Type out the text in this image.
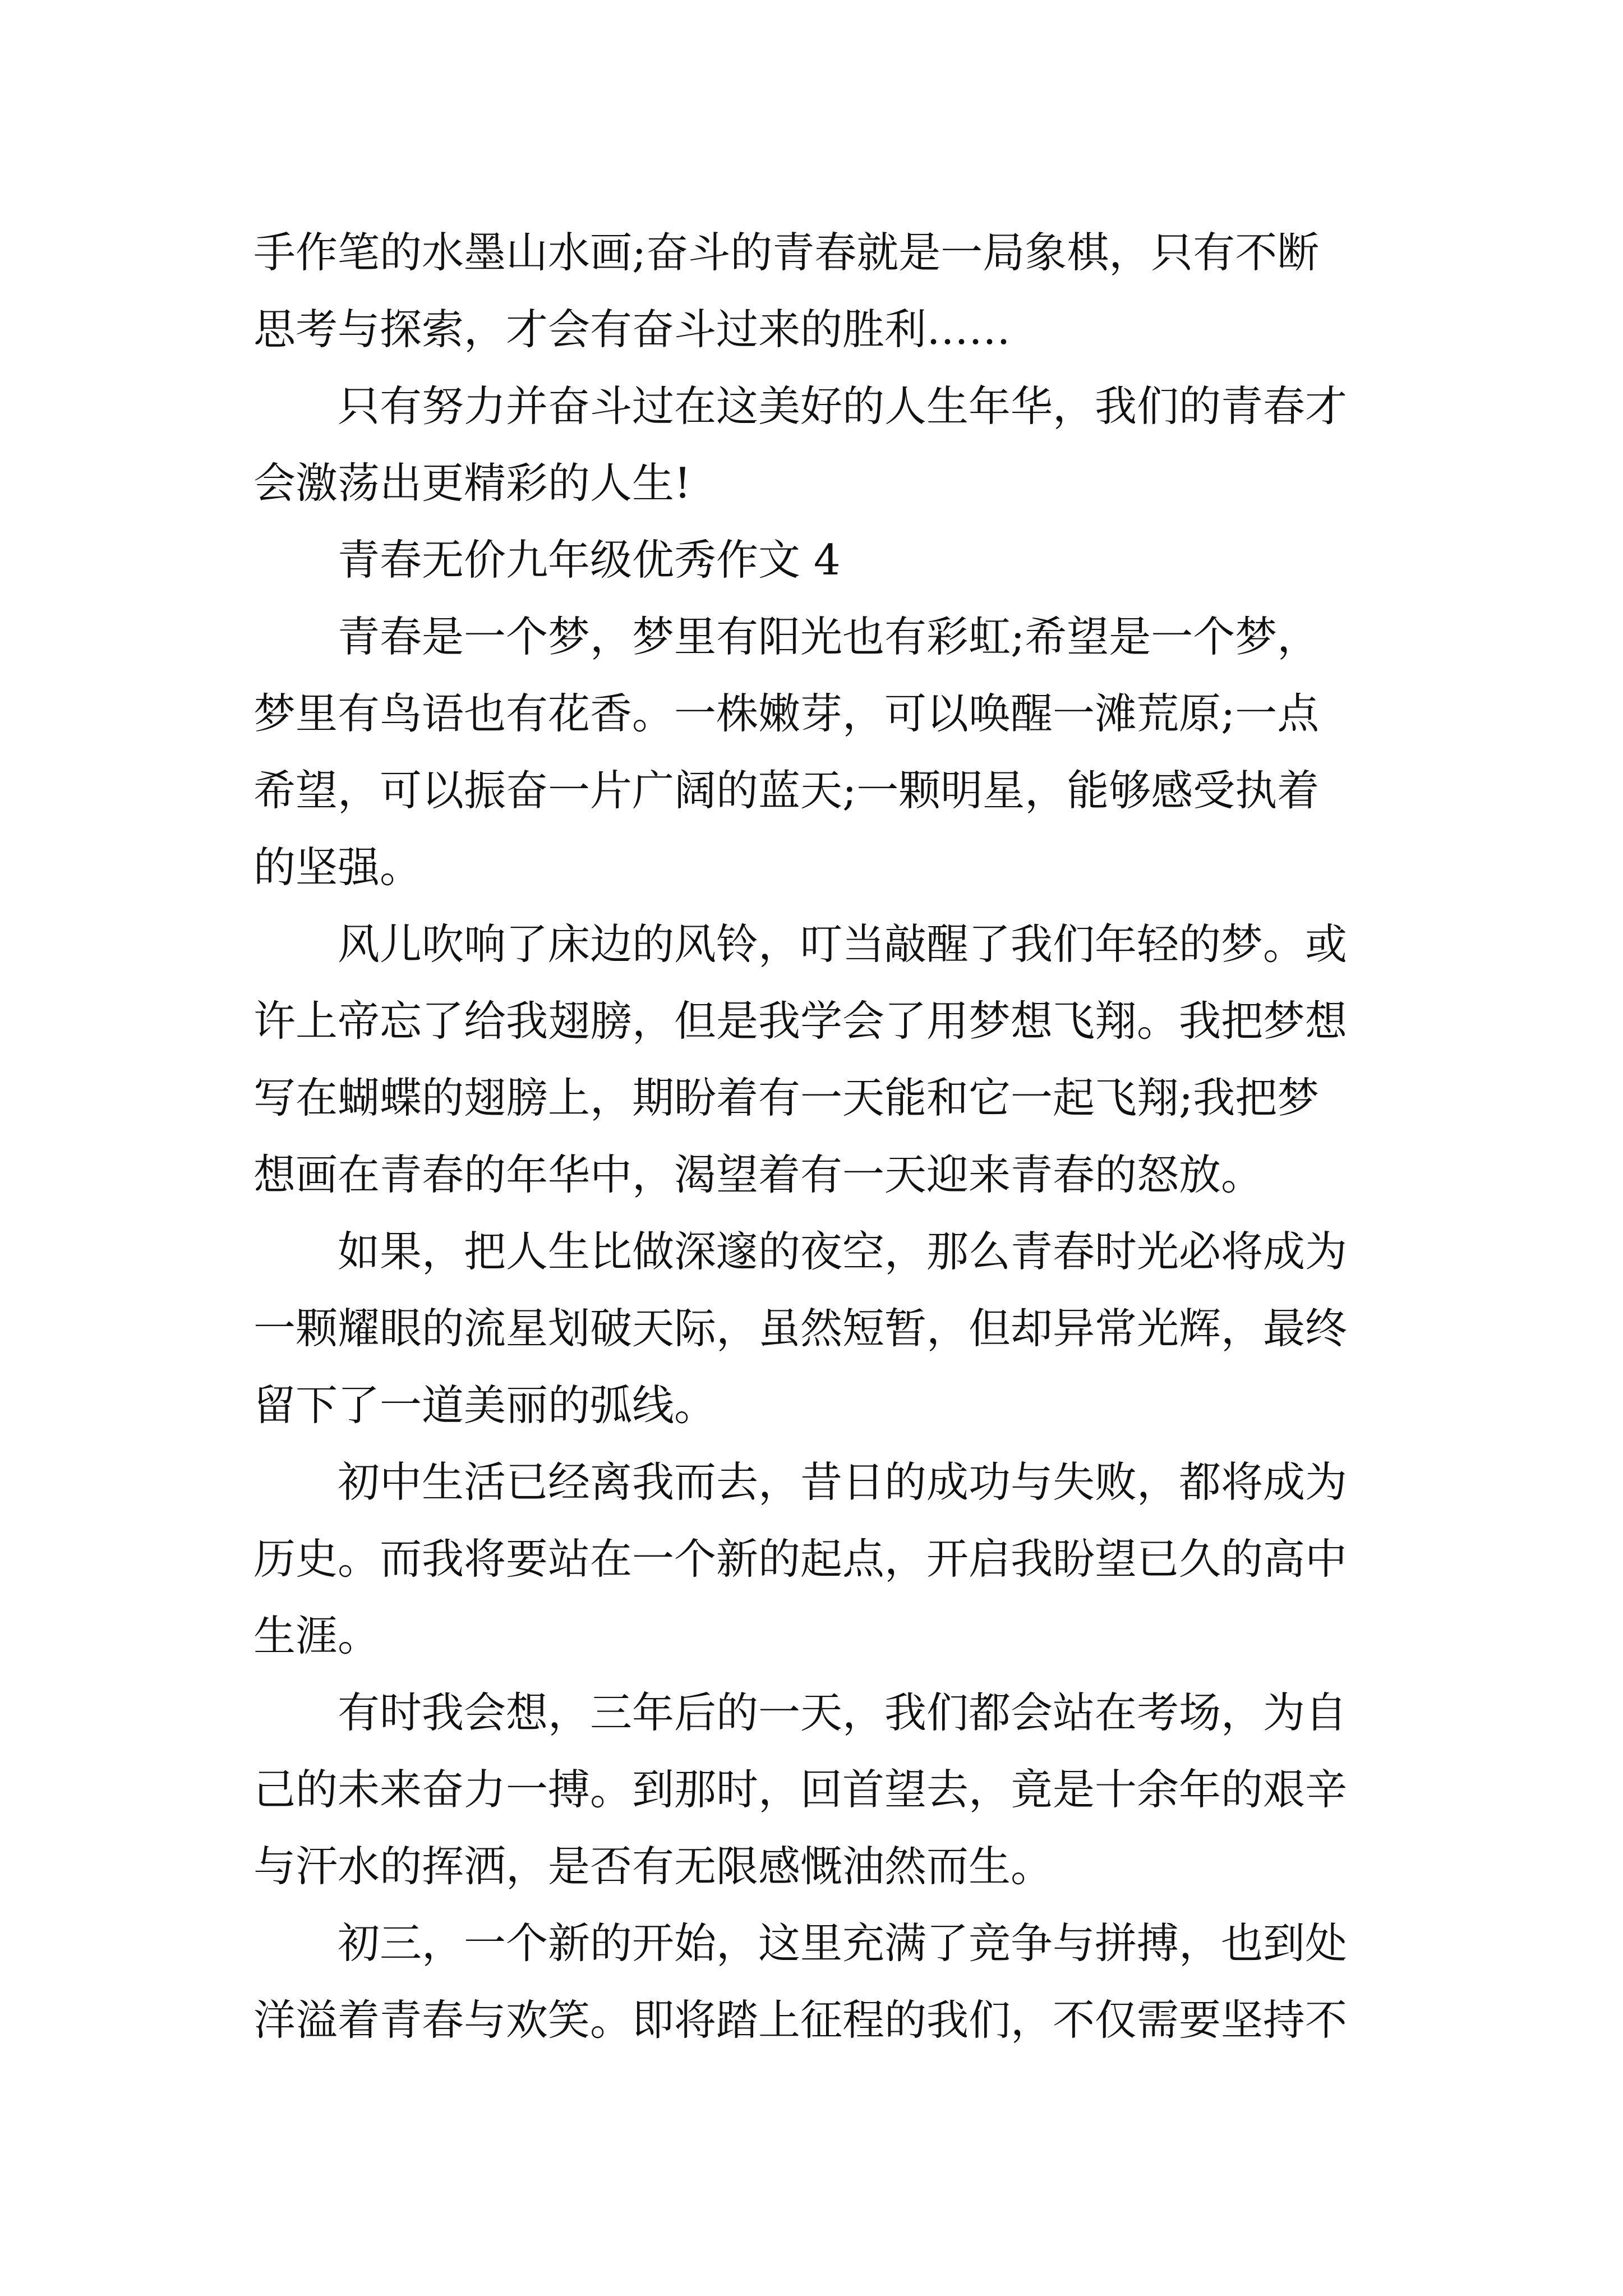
手作笔的水墨山水画;奋斗的青春就是一局象棋，只有不断
思考与探索，才会有奋斗过来的胜利……
只有努力并奋斗过在这美好的人生年华，我们的青春才
会激荡出更精彩的人生!
青春无价九年级优秀作文 4
青春是一个梦，梦里有阳光也有彩虹;希望是一个梦，
梦里有鸟语也有花香。一株嫩芽，可以唤醒一滩荒原;一点
希望，可以振奋一片广阔的蓝天;一颗明星，能够感受执着
的坚强。
风儿吹响了床边的风铃，叮当敲醒了我们年轻的梦。或
许上帝忘了给我翅膀，但是我学会了用梦想飞翔。我把梦想
写在蝴蝶的翅膀上，期盼着有一天能和它一起飞翔;我把梦
想画在青春的年华中，渴望着有一天迎来青春的怒放。
如果，把人生比做深邃的夜空，那么青春时光必将成为
一颗耀眼的流星划破天际，虽然短暂，但却异常光辉，最终
留下了一道美丽的弧线。
初中生活已经离我而去，昔日的成功与失败，都将成为
历史。而我将要站在一个新的起点，开启我盼望已久的高中
生涯。
有时我会想，三年后的一天，我们都会站在考场，为自
己的未来奋力一搏。到那时，回首望去，竟是十余年的艰辛
与汗水的挥洒，是否有无限感慨油然而生。
初三，一个新的开始，这里充满了竞争与拼搏，也到处
洋溢着青春与欢笑。即将踏上征程的我们，不仅需要坚持不
